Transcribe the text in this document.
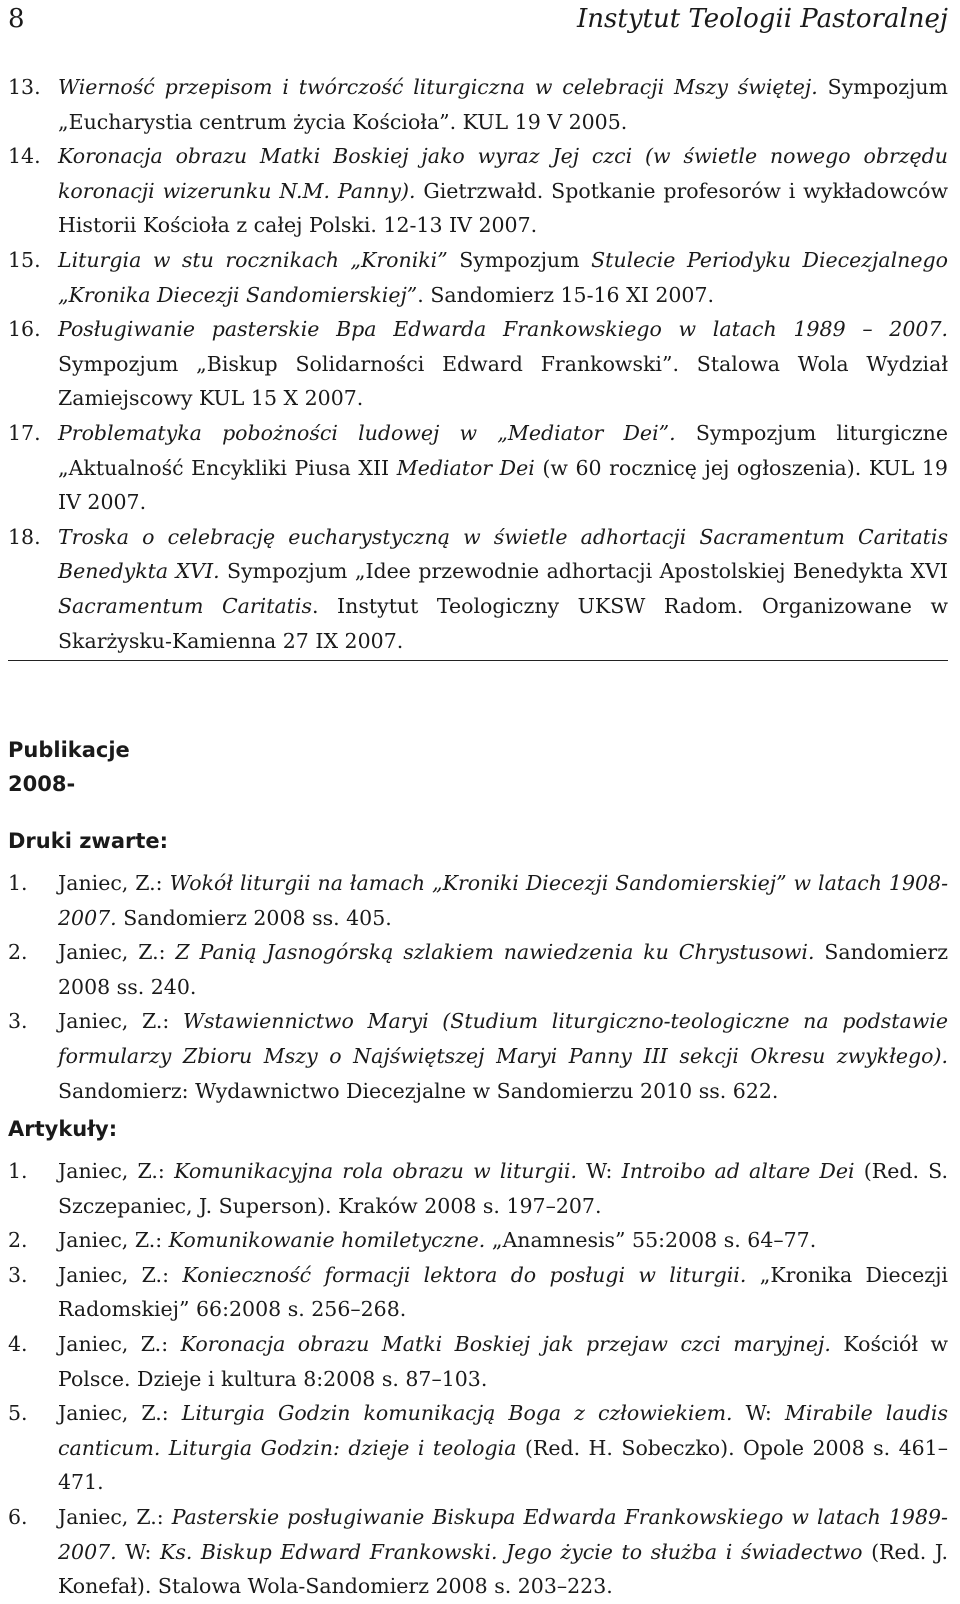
8	Instytut Teologii Pastoralnej
13. Wierność przepisom i twórczość liturgiczna w celebracji Mszy świętej. Sympozjum „Eucharystia centrum życia Kościoła”. KUL 19 V 2005.
14. Koronacja obrazu Matki Boskiej jako wyraz Jej czci (w świetle nowego obrzędu koronacji wizerunku N.M. Panny). Gietrzwałd. Spotkanie profesorów i wykładowców Historii Kościoła z całej Polski. 12-13 IV 2007.
15. Liturgia w stu rocznikach „Kroniki” Sympozjum Stulecie Periodyku Diecezjalnego „Kronika Diecezji Sandomierskiej”. Sandomierz 15-16 XI 2007.
16. Posługiwanie pasterskie Bpa Edwarda Frankowskiego w latach 1989 – 2007. Sympozjum „Biskup Solidarności Edward Frankowski”. Stalowa Wola Wydział Zamiejscowy KUL 15 X 2007.
17. Problematyka pobożności ludowej w „Mediator Dei”. Sympozjum liturgiczne „Aktualność Encykliki Piusa XII Mediator Dei (w 60 rocznicę jej ogłoszenia). KUL 19 IV 2007.
18. Troska o celebrację eucharystyczną w świetle adhortacji Sacramentum Caritatis Benedykta XVI. Sympozjum „Idee przewodnie adhortacji Apostolskiej Benedykta XVI Sacramentum Caritatis. Instytut Teologiczny UKSW Radom. Organizowane w Skarżysku-Kamienna 27 IX 2007.
Publikacje
2008-
Druki zwarte:
1. Janiec, Z.: Wokół liturgii na łamach „Kroniki Diecezji Sandomierskiej” w latach 1908-2007. Sandomierz 2008 ss. 405.
2. Janiec, Z.: Z Panią Jasnogórską szlakiem nawiedzenia ku Chrystusowi. Sandomierz 2008 ss. 240.
3. Janiec, Z.: Wstawiennictwo Maryi (Studium liturgiczno-teologiczne na podstawie formularzy Zbioru Mszy o Najświętszej Maryi Panny III sekcji Okresu zwykłego). Sandomierz: Wydawnictwo Diecezjalne w Sandomierzu 2010 ss. 622.
Artykuły:
1. Janiec, Z.: Komunikacyjna rola obrazu w liturgii. W: Introibo ad altare Dei (Red. S. Szczepaniec, J. Superson). Kraków 2008 s. 197–207.
2. Janiec, Z.: Komunikowanie homiletyczne. „Anamnesis” 55:2008 s. 64–77.
3. Janiec, Z.: Konieczność formacji lektora do posługi w liturgii. „Kronika Diecezji Radomskiej” 66:2008 s. 256–268.
4. Janiec, Z.: Koronacja obrazu Matki Boskiej jak przejaw czci maryjnej. Kościół w Polsce. Dzieje i kultura 8:2008 s. 87–103.
5. Janiec, Z.: Liturgia Godzin komunikacją Boga z człowiekiem. W: Mirabile laudis canticum. Liturgia Godzin: dzieje i teologia (Red. H. Sobeczko). Opole 2008 s. 461–471.
6. Janiec, Z.: Pasterskie posługiwanie Biskupa Edwarda Frankowskiego w latach 1989-2007. W: Ks. Biskup Edward Frankowski. Jego życie to służba i świadectwo (Red. J. Konefał). Stalowa Wola-Sandomierz 2008 s. 203–223.
